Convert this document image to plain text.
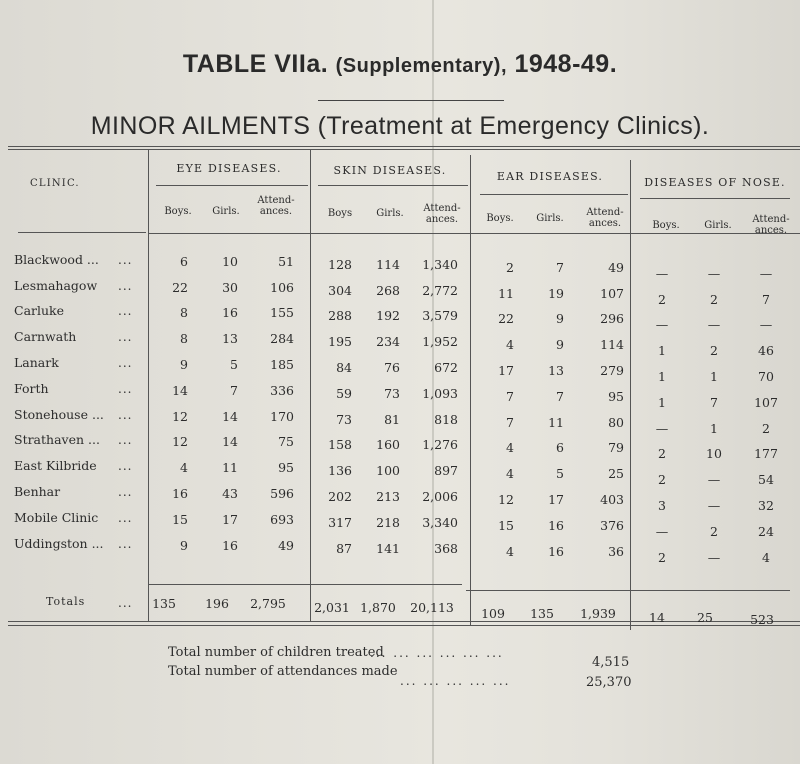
TABLE VIIa. (Supplementary), 1948-49.
MINOR AILMENTS (Treatment at Emergency Clinics).
CLINIC.
EYE DISEASES.	SKIN DISEASES.	EAR DISEASES.	DISEASES OF NOSE.
Boys.	Girls.
Attend-
ances.	Boys	Girls.	Attend-
ances.	Boys.	Girls.
Attend-
ances.	Boys.	Girls.
Attend-
ances.
Blackwood ... ...	6	10	51	128	114	1,340	2	7	49	—	—	—
Lesmahagow ...	22	30	106	304	268	2,772	11	19	107	2	2	7
Carluke	...	8	16	155	288	192	3,579	22	9	296	—	—	—
Carnwath	...	8	13	284	195	234	1,952	4	9	114	1	2	46
Lanark	...	9	5	185	84	76	672	17	13	279	1	1	70
Forth	...	14	7	336	59	73	1,093	7	7	95	1	7	107
Stonehouse ... ...	12	14	170	73	81	818	7	11	80	—	1	2
Strathaven ... ...	12	14	75	158	160	1,276	4	6	79	2	10	177
East Kilbride ...	4	11	95	136	100	897	4	5	25	2	—	54
Benhar	...	16	43	596	202	213	2,006	12	17	403	3	—	32
Mobile Clinic ...	15	17	693	317	218	3,340	15	16	376	—	2	24
Uddingston ... ...	9	16	49	87	141	368	4	16	36	2	—	4
Totals	... 135	196	2,795	2,031 1,870	20,113	109	135	1,939	14	25	523
Total number of children treated
... ... ... ... ... ...
4,515
Total number of attendances made
... ... ... ... ...	25,370
